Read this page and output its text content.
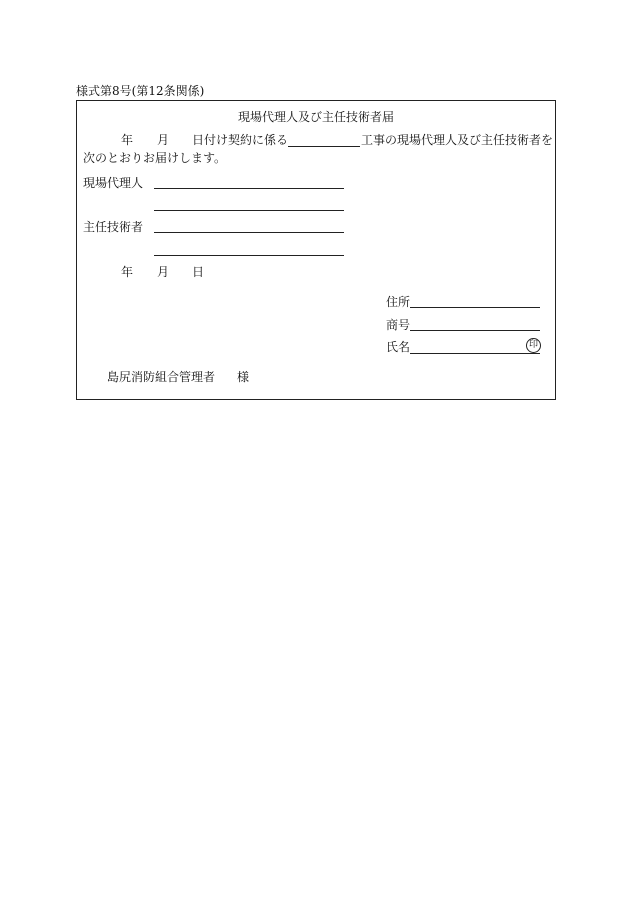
様式第8号(第12条関係)
現場代理人及び主任技術者届
年 月 日付け契約に係る	工事の現場代理人及び主任技術者を
次のとおりお届けします。
現場代理人
主任技術者
年 月 日
住所
商号
氏名	印
島尻消防組合管理者 様
